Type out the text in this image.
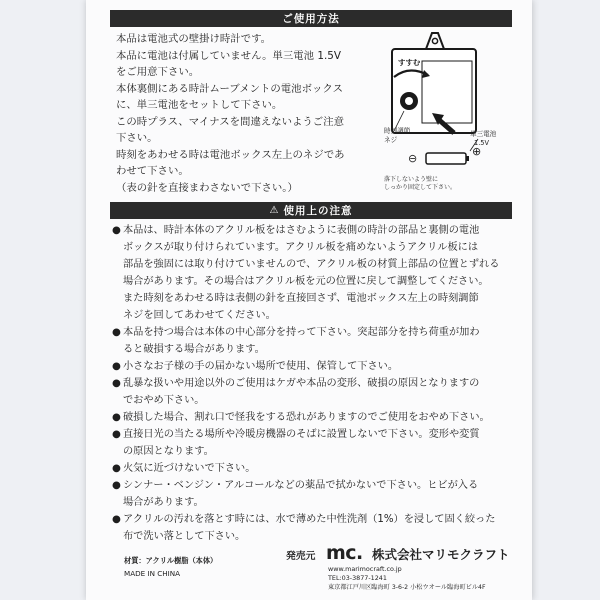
ご使用方法
本品は電池式の壁掛け時計です。
本品に電池は付属していません。単三電池 1.5V
をご用意下さい。
本体裏側にある時計ムーブメントの電池ボックス
に、単三電池をセットして下さい。
この時プラス、マイナスを間違えないようご注意
下さい。
時刻をあわせる時は電池ボックス左上のネジであ
わせて下さい。
（表の針を直接まわさないで下さい。）
すすむ
時刻調節
ネジ
単三電池
1.5V
⊖
⊕
落下しないよう壁に
しっかり固定して下さい。
⚠ 使用上の注意
● 本品は、時計本体のアクリル板をはさむように表側の時計の部品と裏側の電池
ボックスが取り付けられています。アクリル板を痛めないようアクリル板には
部品を強固には取り付けていませんので、アクリル板の材質上部品の位置とずれる
場合があります。その場合はアクリル板を元の位置に戻して調整してください。
また時刻をあわせる時は表側の針を直接回さず、電池ボックス左上の時刻調節
ネジを回してあわせてください。
● 本品を持つ場合は本体の中心部分を持って下さい。突起部分を持ち荷重が加わ
ると破損する場合があります。
● 小さなお子様の手の届かない場所で使用、保管して下さい。
● 乱暴な扱いや用途以外のご使用はケガや本品の変形、破損の原因となりますの
でおやめ下さい。
● 破損した場合、割れ口で怪我をする恐れがありますのでご使用をおやめ下さい。
● 直接日光の当たる場所や冷暖房機器のそばに設置しないで下さい。変形や変質
の原因となります。
● 火気に近づけないで下さい。
● シンナー・ベンジン・アルコールなどの薬品で拭かないで下さい。ヒビが入る
場合があります。
● アクリルの汚れを落とす時には、水で薄めた中性洗剤（1%）を浸して固く絞った
布で洗い落として下さい。
材質：アクリル樹脂（本体）
MADE IN CHINA
発売元 mc. 株式会社マリモクラフト
www.marimocraft.co.jp
TEL:03-3877-1241
東京都江戸川区臨海町 3-6-2 小松ウオール臨海町ビル4F
